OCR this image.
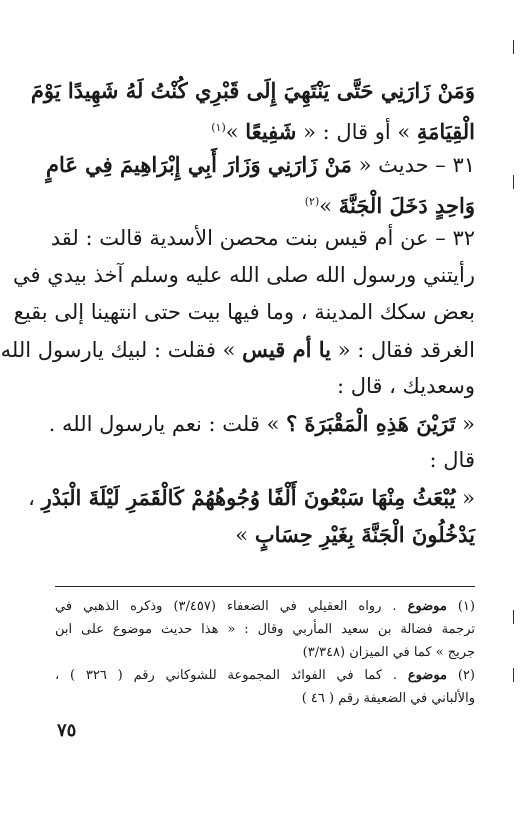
وَمَنْ زَارَنِي حَتَّى يَنْتَهِيَ إِلَى قَبْرِي كُنْتُ لَهُ شَهِيدًا يَوْمَ
الْقِيَامَةِ » أو قال : « شَفِيعًا »$^{(١)}$
٣١ – حديث « مَنْ زَارَنِي وَزَارَ أَبِي إِبْرَاهِيمَ فِي عَامٍ
وَاحِدٍ دَخَلَ الْجَنَّةَ »$^{(٢)}$
٣٢ – عن أم قيس بنت محصن الأسدية قالت : لقد
رأيتني ورسول الله صلى الله عليه وسلم آخذ بيدي في
بعض سكك المدينة ، وما فيها بيت حتى انتهينا إلى بقيع
الغرقد فقال : « يا أم قيس » فقلت : لبيك يارسول الله
وسعديك ، قال :
« تَرَيْنَ هَذِهِ الْمَقْبَرَةَ ؟ » قلت : نعم يارسول الله .
قال :
« يُبْعَثُ مِنْهَا سَبْعُونَ أَلْفًا وُجُوهُهُمْ كَالْقَمَرِ لَيْلَةَ الْبَدْرِ ،
يَدْخُلُونَ الْجَنَّةَ بِغَيْرِ حِسَابٍ »
(١) موضوع . رواه العقيلي في الضعفاء (٣/٤٥٧) وذكره الذهبي في
ترجمة فضالة بن سعيد المأربي وقال : « هذا حديث موضوع على ابن
جريج » كما في الميزان (٣/٣٤٨)
(٢) موضوع . كما في الفوائد المجموعة للشوكاني رقم ( ٣٢٦ ) ،
والألباني في الضعيفة رقم ( ٤٦ )
٧٥
